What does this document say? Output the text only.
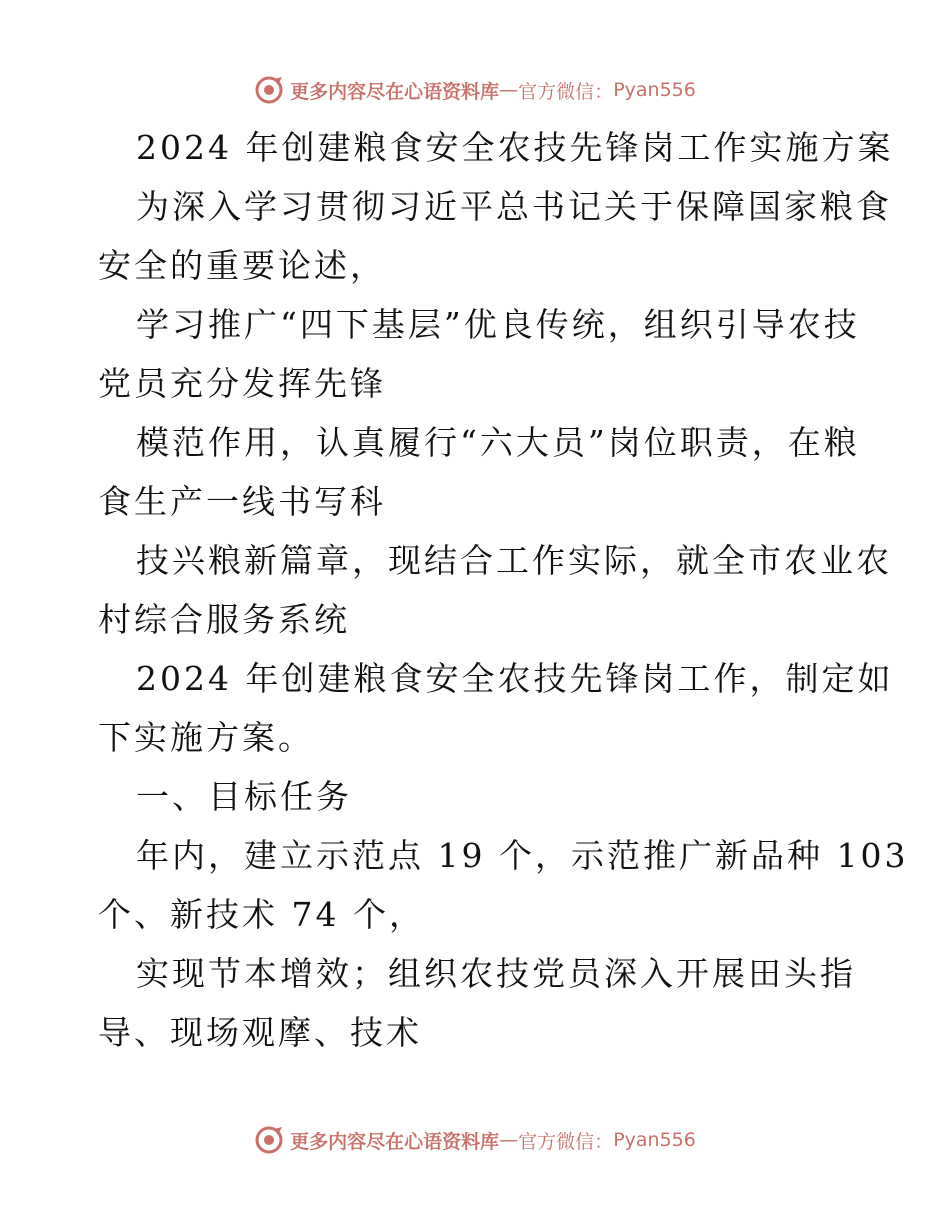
更多内容尽在心语资料库 — 官方微信： Pyan556
2024 年创建粮食安全农技先锋岗工作实施方案
为深入学习贯彻习近平总书记关于保障国家粮食
安全的重要论述，
学习推广“四下基层”优良传统，组织引导农技
党员充分发挥先锋
模范作用，认真履行“六大员”岗位职责，在粮
食生产一线书写科
技兴粮新篇章，现结合工作实际，就全市农业农
村综合服务系统
2024 年创建粮食安全农技先锋岗工作，制定如
下实施方案。
一、目标任务
年内，建立示范点 19 个，示范推广新品种 103
个、新技术 74 个，
实现节本增效；组织农技党员深入开展田头指
导、现场观摩、技术
更多内容尽在心语资料库 — 官方微信： Pyan556
